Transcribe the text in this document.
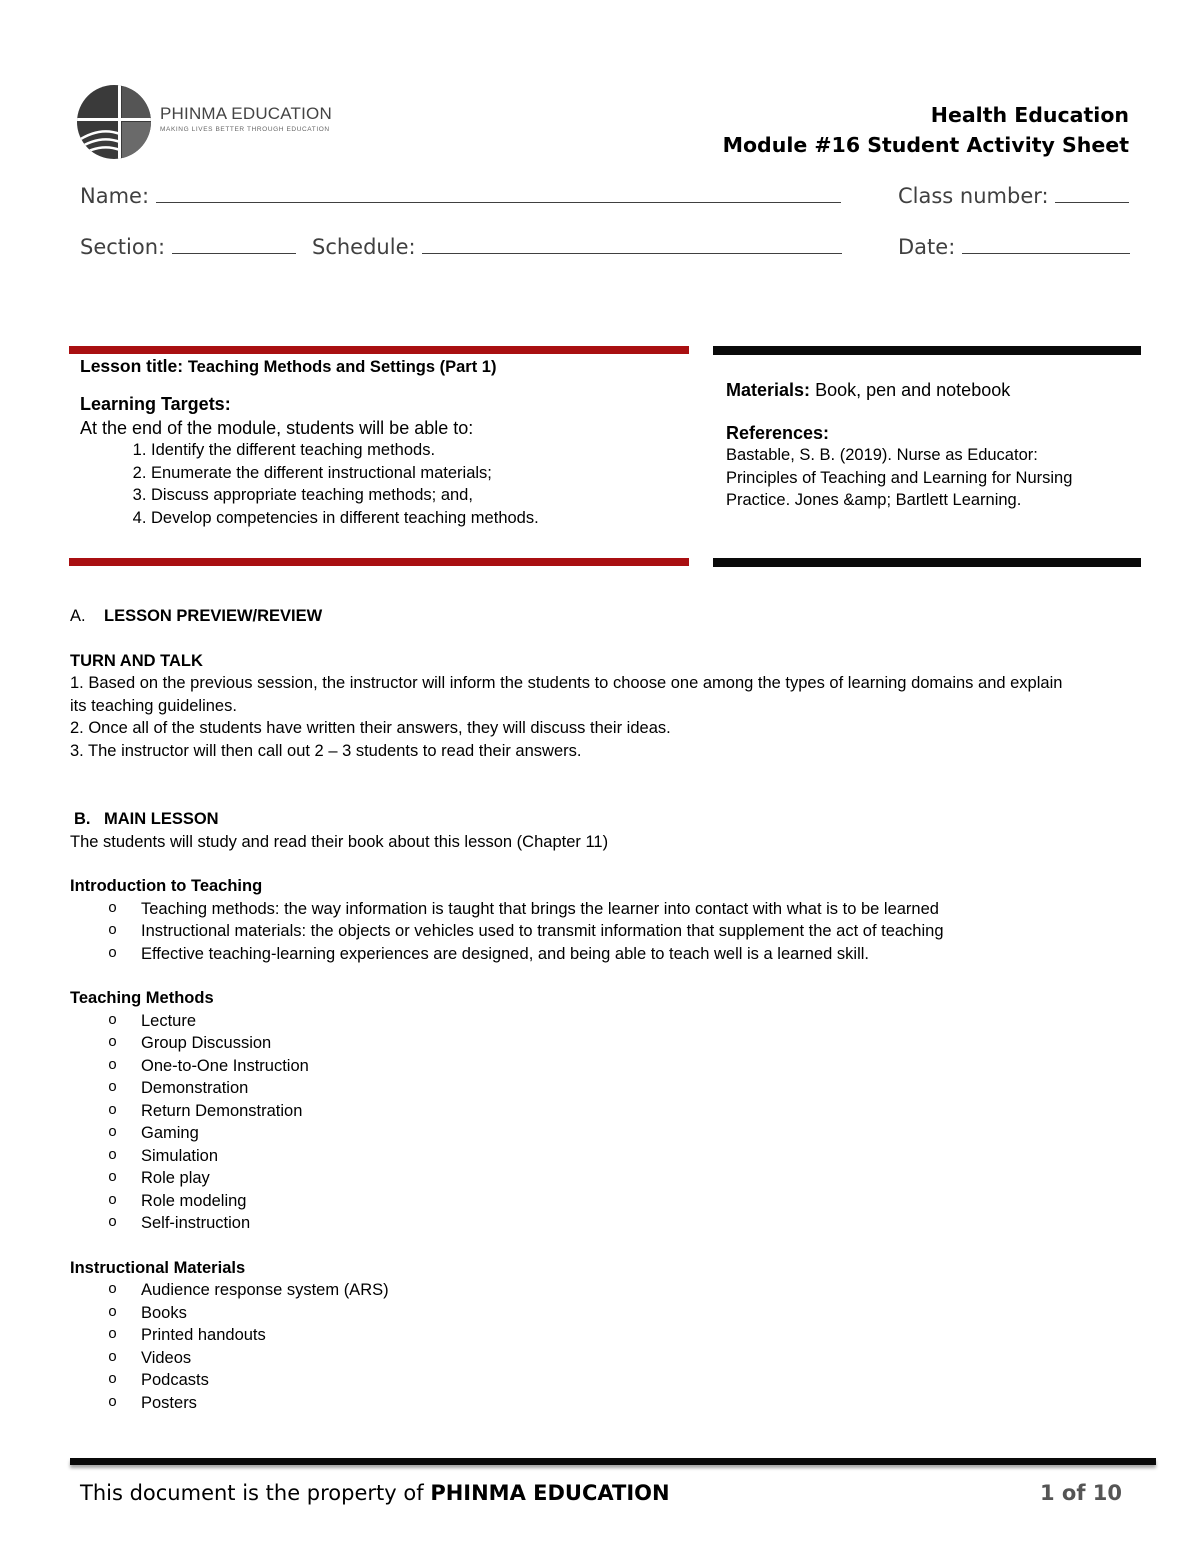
PHINMA EDUCATION
MAKING LIVES BETTER THROUGH EDUCATION
Health Education
Module #16 Student Activity Sheet
Name:	Class number:
Section:	Schedule:	Date:
Lesson title: Teaching Methods and Settings (Part 1)
Learning Targets:
At the end of the module, students will be able to:
1. Identify the different teaching methods.
2. Enumerate the different instructional materials;
3. Discuss appropriate teaching methods; and,
4. Develop competencies in different teaching methods.
Materials: Book, pen and notebook
References:
Bastable, S. B. (2019). Nurse as Educator: Principles of Teaching and Learning for Nursing Practice. Jones &amp; Bartlett Learning.
A. LESSON PREVIEW/REVIEW
TURN AND TALK
1. Based on the previous session, the instructor will inform the students to choose one among the types of learning domains and explain its teaching guidelines.
2. Once all of the students have written their answers, they will discuss their ideas.
3. The instructor will then call out 2 – 3 students to read their answers.
B. MAIN LESSON
The students will study and read their book about this lesson (Chapter 11)
Introduction to Teaching
o Teaching methods: the way information is taught that brings the learner into contact with what is to be learned
o Instructional materials: the objects or vehicles used to transmit information that supplement the act of teaching
o Effective teaching-learning experiences are designed, and being able to teach well is a learned skill.
Teaching Methods
o Lecture
o Group Discussion
o One-to-One Instruction
o Demonstration
o Return Demonstration
o Gaming
o Simulation
o Role play
o Role modeling
o Self-instruction
Instructional Materials
o Audience response system (ARS)
o Books
o Printed handouts
o Videos
o Podcasts
o Posters
This document is the property of PHINMA EDUCATION	1 of 10
